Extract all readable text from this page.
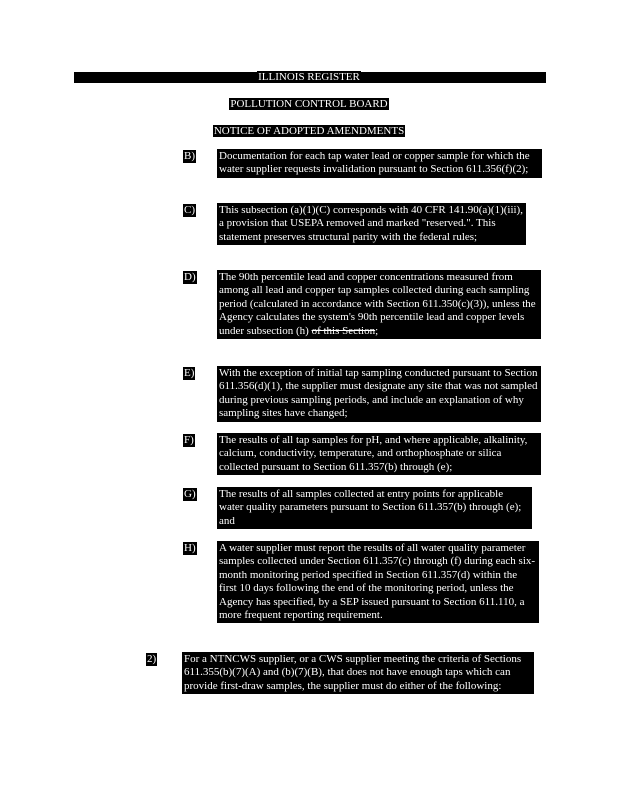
ILLINOIS REGISTER
POLLUTION CONTROL BOARD
NOTICE OF ADOPTED AMENDMENTS
B) Documentation for each tap water lead or copper sample for which the water supplier requests invalidation pursuant to Section 611.356(f)(2);
C) This subsection (a)(1)(C) corresponds with 40 CFR 141.90(a)(1)(iii), a provision that USEPA removed and marked "reserved.". This statement preserves structural parity with the federal rules;
D) The 90th percentile lead and copper concentrations measured from among all lead and copper tap samples collected during each sampling period (calculated in accordance with Section 611.350(c)(3)), unless the Agency calculates the system's 90th percentile lead and copper levels under subsection (h) of this Section;
E) With the exception of initial tap sampling conducted pursuant to Section 611.356(d)(1), the supplier must designate any site that was not sampled during previous sampling periods, and include an explanation of why sampling sites have changed;
F) The results of all tap samples for pH, and where applicable, alkalinity, calcium, conductivity, temperature, and orthophosphate or silica collected pursuant to Section 611.357(b) through (e);
G) The results of all samples collected at entry points for applicable water quality parameters pursuant to Section 611.357(b) through (e); and
H) A water supplier must report the results of all water quality parameter samples collected under Section 611.357(c) through (f) during each six-month monitoring period specified in Section 611.357(d) within the first 10 days following the end of the monitoring period, unless the Agency has specified, by a SEP issued pursuant to Section 611.110, a more frequent reporting requirement.
2)	For a NTNCWS supplier, or a CWS supplier meeting the criteria of Sections 611.355(b)(7)(A) and (b)(7)(B), that does not have enough taps which can provide first-draw samples, the supplier must do either of the following:
